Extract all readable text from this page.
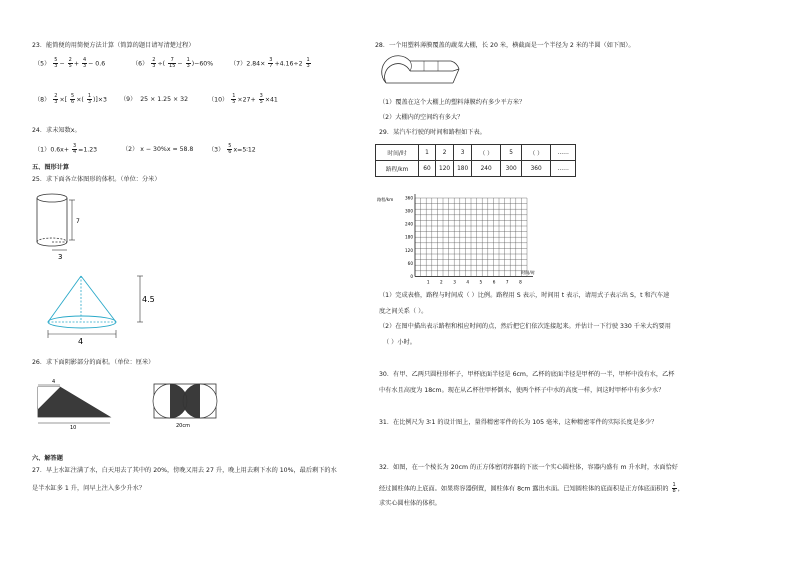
23．能简便的用简便方法计算（简算的题目请写清楚过程）
$(5) \frac{5}{3} - \frac{2}{5} + \frac{4}{3} - 0.6$	$(6) \frac{2}{3}$ ÷( $\frac{7}{15} - \frac{1}{3} )-60\%$	$(7)2.84\times \frac{3}{7} +4.16\div 2 \frac{1}{3}$
$(8) \frac{2}{3}$ ×[ $\frac{5}{6}$ ×( $\frac{1}{3} )]\times 3$ （9） 25 × 1.25 × 32	$(10) \frac{1}{5} \times 27+ \frac{3}{5} \times 41$
24．求未知数x。
$(1)0.6x+ \frac{3}{4} =1.23$	（2） x − 30%x = 58.8 $(3) \frac{5}{6}$ x=5∶12
五、图形计算
25．求下面各立体图形的体积。（单位：分米）
7
3
4.5
4
26．求下面阴影部分的面积。（单位：厘米）
4
10	20cm
六、解答题
27．早上水缸注满了水，白天用去了其中的 20%，傍晚又用去 27 升，晚上用去剩下水的 10%，最后剩下的水
是半水缸多 1 升，问早上注入多少升水？
28．一个用塑料薄膜覆盖的蔬菜大棚，长 20 米，横截面是一个半径为 2 米的半圆（如下图）。
（1）覆盖在这个大棚上的塑料薄膜约有多少平方米？
（2）大棚内的空间约有多大？
29．某汽车行驶的时间和路程如下表。
时间/时	1	2	3	（ ）	5	（ ）	……
路程/km	60	120	180	240	300	360	……
路程/km
0
60
120
180
240
300
360
1	2	3	4	5	6	7	8
时间/时
（1）完成表格，路程与时间成（ ）比例。路程用 S 表示，时间用 t 表示，请用式子表示出 S，t 和汽车速
度之间关系（ ）。
（2）在图中描出表示路程和相应时间的点，然后把它们依次连接起来。并估计一下行驶 330 千米大约要用
（ ）小时。
30．有甲、乙两只圆柱形杯子，甲杯底面半径是 6cm，乙杯的底面半径是甲杯的一半，甲杯中没有水，乙杯
中有水且高度为 18cm。现在从乙杯往甲杯倒水，使两个杯子中水的高度一样，问这时甲杯中有多少水？
31．在比例尺为 3∶1 的设计图上，量得精密零件的长为 105 毫米，这种精密零件的实际长度是多少？
32．如图，在一个棱长为 20cm 的正方体密闭容器的下底一个实心圆柱体，容器内盛有 m 升水时，水面恰好
经过圆柱体的上底面。如果将容器倒置，圆柱体有 8cm 露出水面。已知圆柱体的底面积是正方体底面积的 $\frac{1}{8}$ ，
求实心圆柱体的体积。
